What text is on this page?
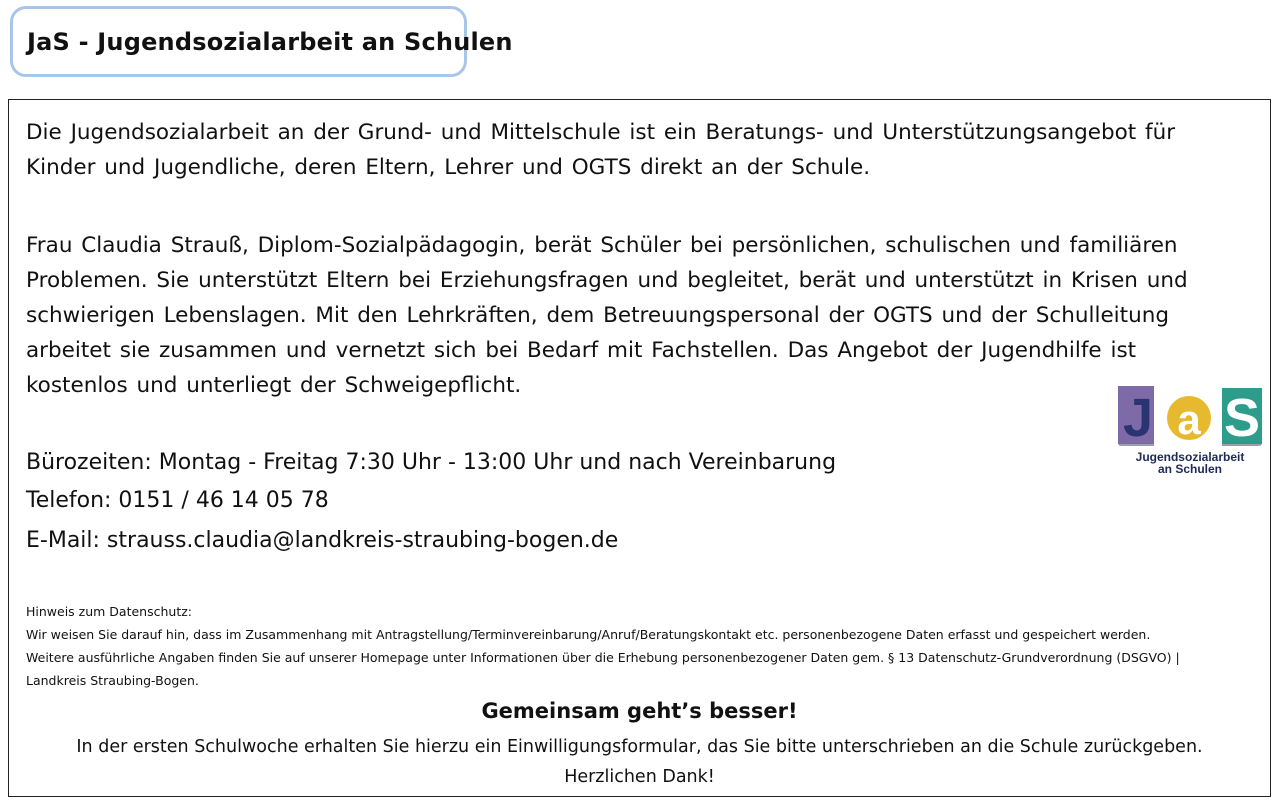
JaS - Jugendsozialarbeit an Schulen

Die Jugendsozialarbeit an der Grund- und Mittelschule ist ein Beratungs- und Unterstützungsangebot für Kinder und Jugendliche, deren Eltern, Lehrer und OGTS direkt an der Schule.

Frau Claudia Strauß, Diplom-Sozialpädagogin, berät Schüler bei persönlichen, schulischen und familiären Problemen. Sie unterstützt Eltern bei Erziehungsfragen und begleitet, berät und unterstützt in Krisen und schwierigen Lebenslagen. Mit den Lehrkräften, dem Betreuungspersonal der OGTS und der Schulleitung arbeitet sie zusammen und vernetzt sich bei Bedarf mit Fachstellen. Das Angebot der Jugendhilfe ist kostenlos und unterliegt der Schweigepflicht.

Bürozeiten: Montag - Freitag 7:30 Uhr - 13:00 Uhr und nach Vereinbarung
Telefon: 0151 / 46 14 05 78
E-Mail: strauss.claudia@landkreis-straubing-bogen.de
Hinweis zum Datenschutz:
Wir weisen Sie darauf hin, dass im Zusammenhang mit Antragstellung/Terminvereinbarung/Anruf/Beratungskontakt etc. personenbezogene Daten erfasst und gespeichert werden.
Weitere ausführliche Angaben finden Sie auf unserer Homepage unter Informationen über die Erhebung personenbezogener Daten gem. § 13 Datenschutz-Grundverordnung (DSGVO) |
Landkreis Straubing-Bogen.
Gemeinsam geht’s besser!
In der ersten Schulwoche erhalten Sie hierzu ein Einwilligungsformular, das Sie bitte unterschrieben an die Schule zurückgeben.
Herzlichen Dank!
J a S
Jugendsozialarbeit
an Schulen
